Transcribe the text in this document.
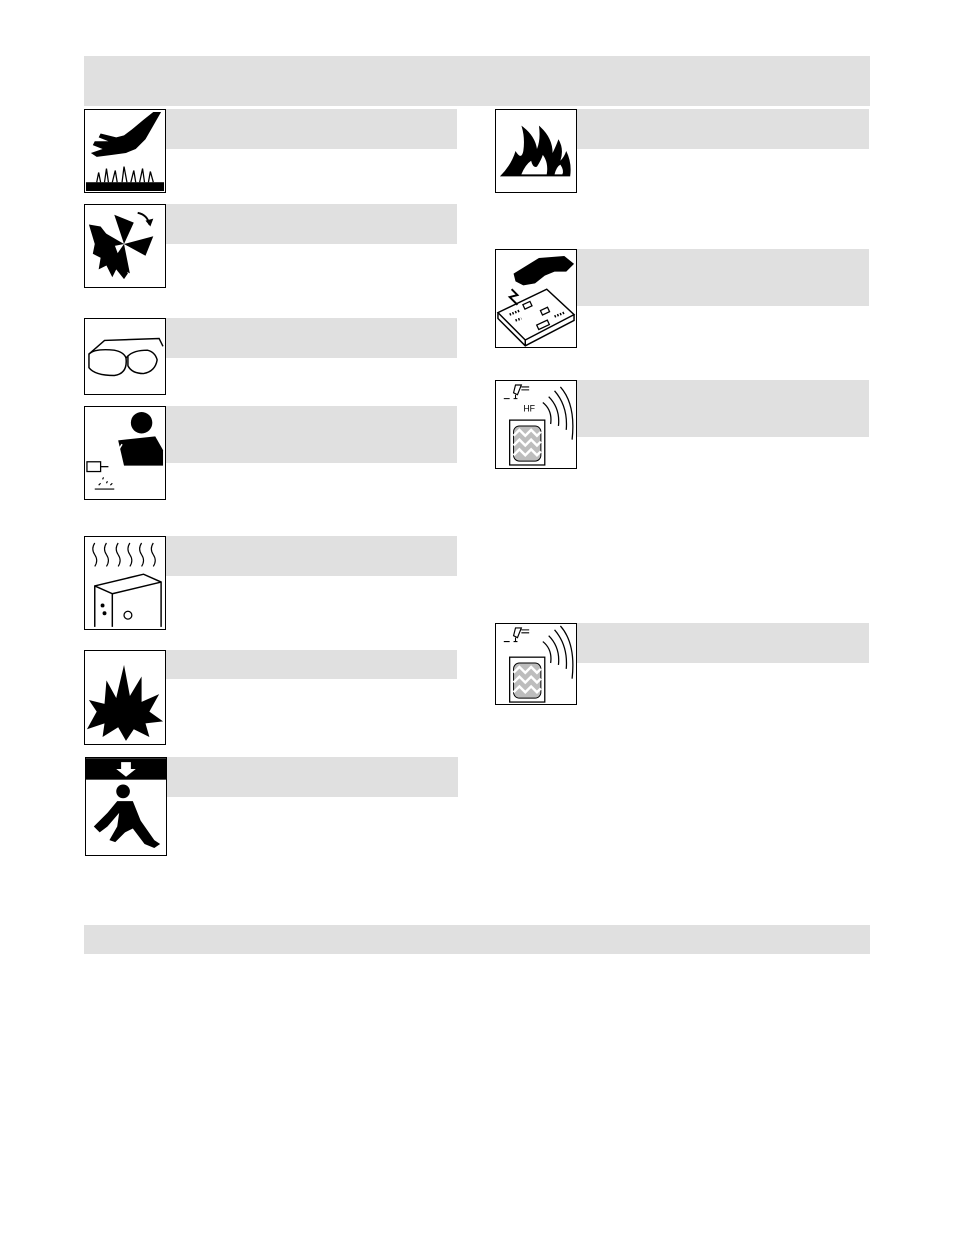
HF
